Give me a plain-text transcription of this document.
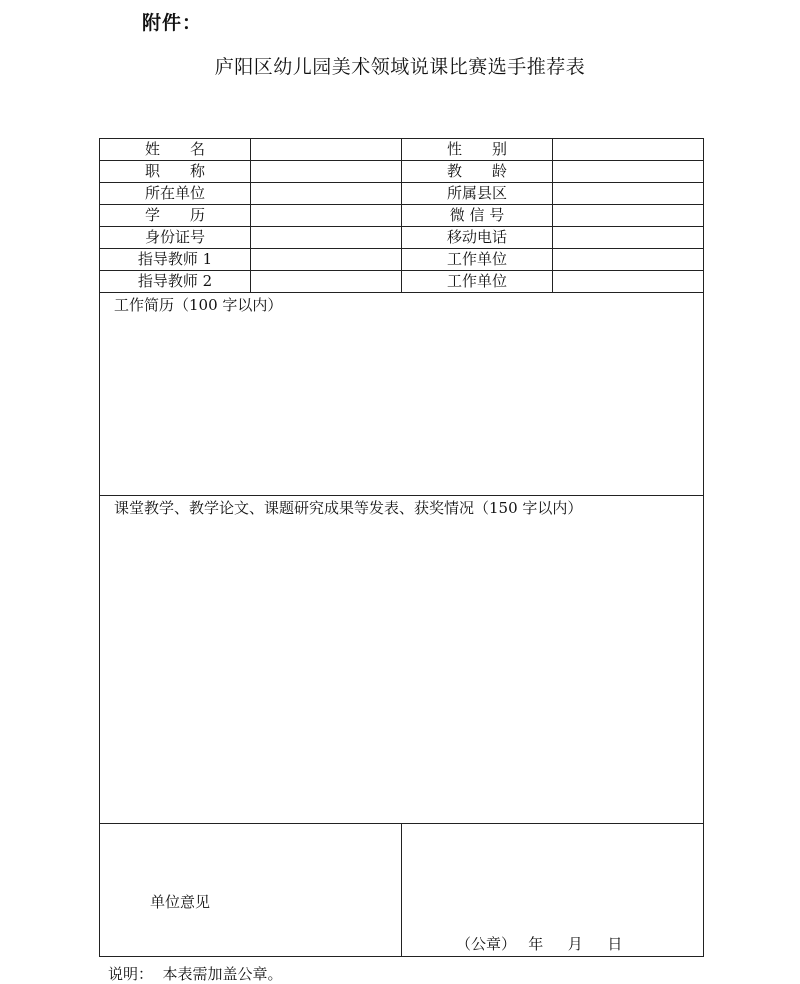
附件：
庐阳区幼儿园美术领域说课比赛选手推荐表
姓　　名		性　　别	
职　　称		教　　龄	
所在单位		所属县区	
学　　历		微 信 号	
身份证号		移动电话	
指导教师 1		工作单位	
指导教师 2		工作单位	
工作简历（100 字以内）			
课堂教学、教学论文、课题研究成果等发表、获奖情况（150 字以内）			

单位意见		（公章）　 年　  月　  日	
说明：  本表需加盖公章。
